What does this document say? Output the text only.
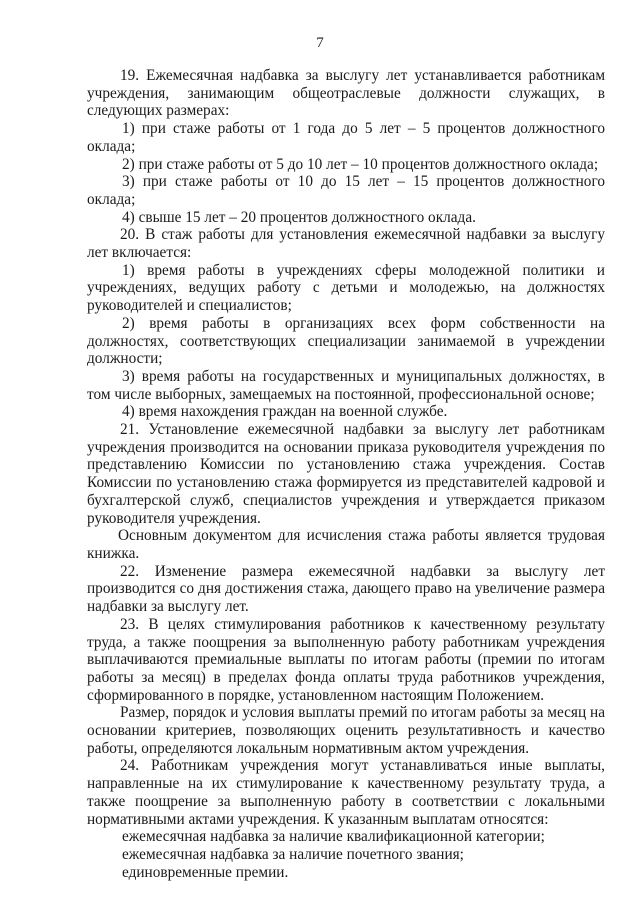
7

19. Ежемесячная надбавка за выслугу лет устанавливается работникам учреждения, занимающим общеотраслевые должности служащих, в следующих размерах:

1) при стаже работы от 1 года до 5 лет – 5 процентов должностного оклада;

2) при стаже работы от 5 до 10 лет – 10 процентов должностного оклада;

3) при стаже работы от 10 до 15 лет – 15 процентов должностного оклада;

4) свыше 15 лет – 20 процентов должностного оклада.

20. В стаж работы для установления ежемесячной надбавки за выслугу лет включается:

1) время работы в учреждениях сферы молодежной политики и учреждениях, ведущих работу с детьми и молодежью, на должностях руководителей и специалистов;

2) время работы в организациях всех форм собственности на должностях, соответствующих специализации занимаемой в учреждении должности;

3) время работы на государственных и муниципальных должностях, в том числе выборных, замещаемых на постоянной, профессиональной основе;

4) время нахождения граждан на военной службе.

21. Установление ежемесячной надбавки за выслугу лет работникам учреждения производится на основании приказа руководителя учреждения по представлению Комиссии по установлению стажа учреждения. Состав Комиссии по установлению стажа формируется из представителей кадровой и бухгалтерской служб, специалистов учреждения и утверждается приказом руководителя учреждения.

Основным документом для исчисления стажа работы является трудовая книжка.

22. Изменение размера ежемесячной надбавки за выслугу лет производится со дня достижения стажа, дающего право на увеличение размера надбавки за выслугу лет.

23. В целях стимулирования работников к качественному результату труда, а также поощрения за выполненную работу работникам учреждения выплачиваются премиальные выплаты по итогам работы (премии по итогам работы за месяц) в пределах фонда оплаты труда работников учреждения, сформированного в порядке, установленном настоящим Положением.

Размер, порядок и условия выплаты премий по итогам работы за месяц на основании критериев, позволяющих оценить результативность и качество работы, определяются локальным нормативным актом учреждения.

24. Работникам учреждения могут устанавливаться иные выплаты, направленные на их стимулирование к качественному результату труда, а также поощрение за выполненную работу в соответствии с локальными нормативными актами учреждения. К указанным выплатам относятся:

ежемесячная надбавка за наличие квалификационной категории;

ежемесячная надбавка за наличие почетного звания;

единовременные премии.
